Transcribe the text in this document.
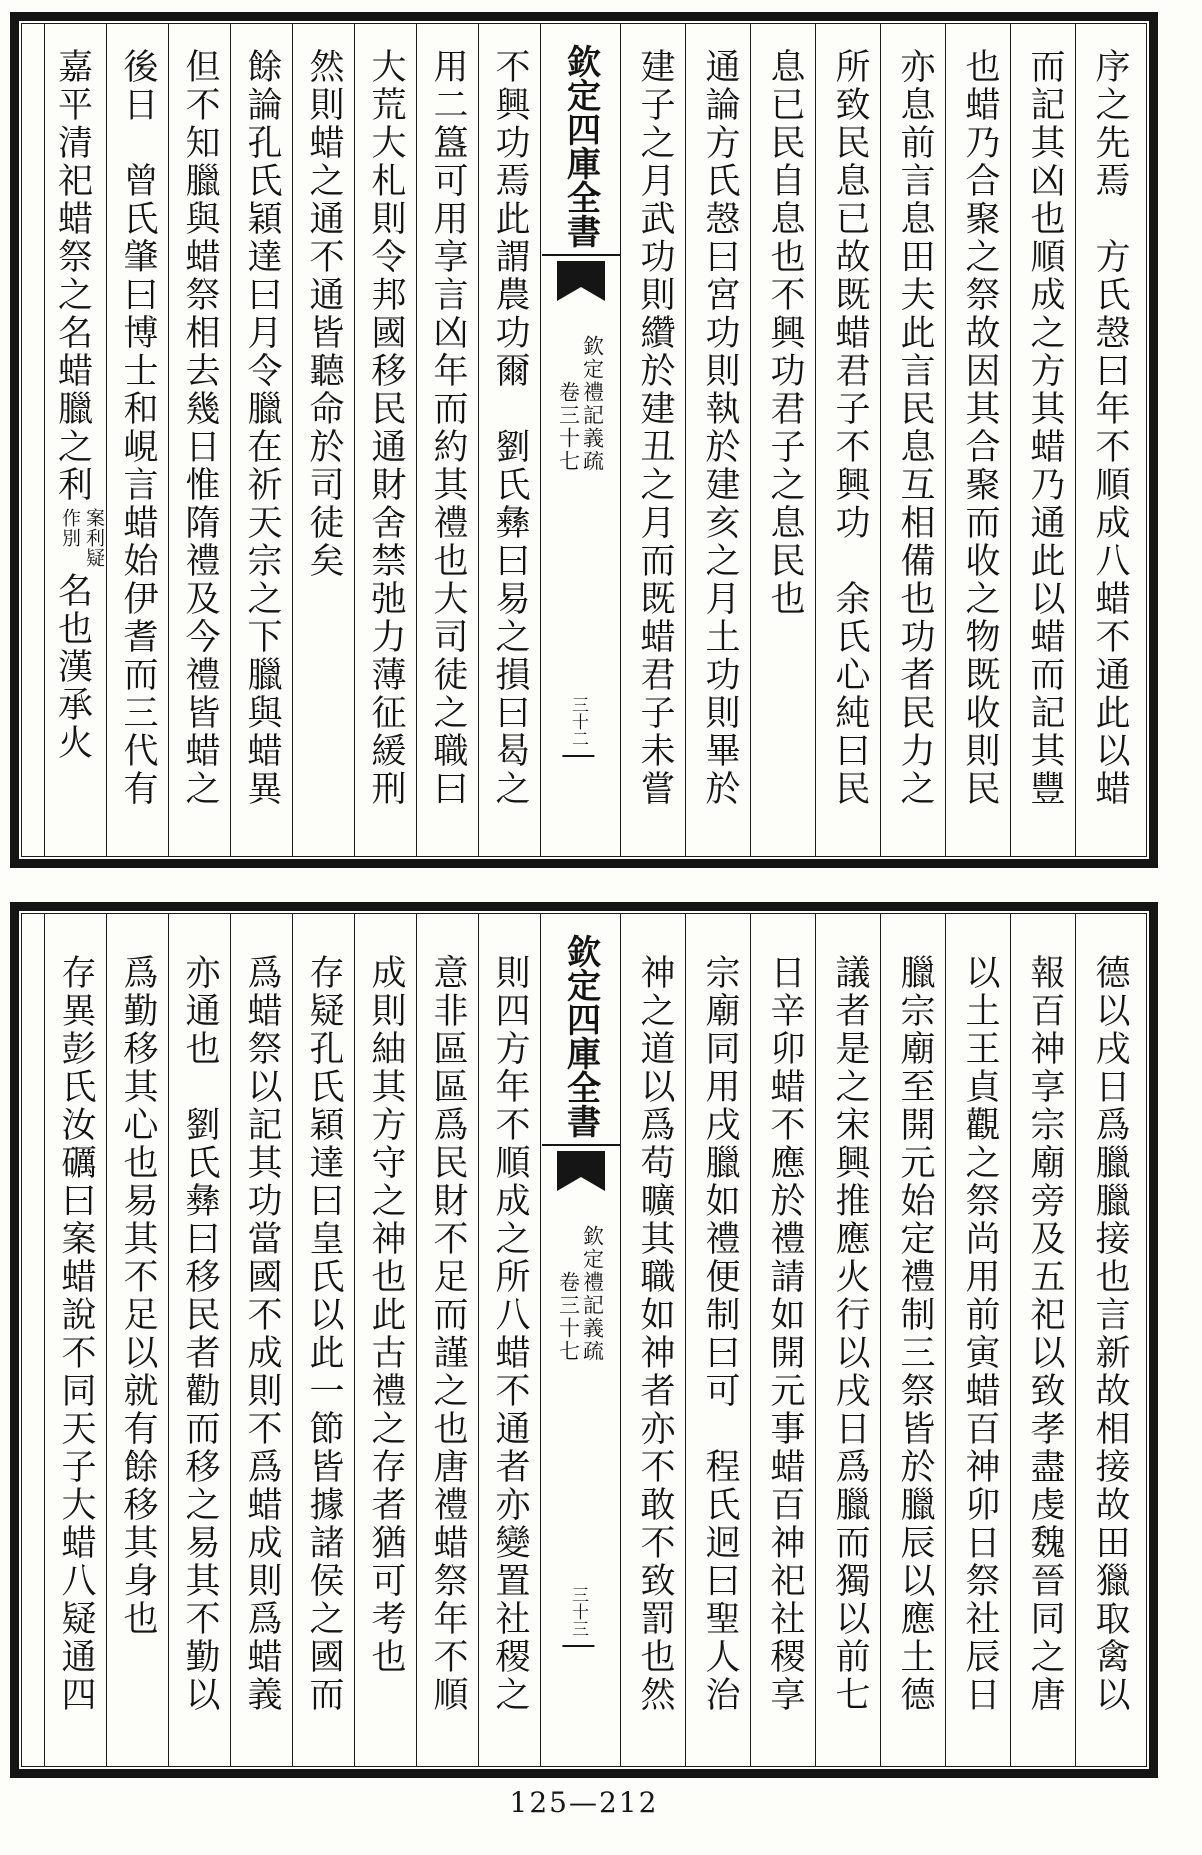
序之先焉　方氏愨曰年不順成八蜡不通此以蜡
而記其凶也順成之方其蜡乃通此以蜡而記其豐
也蜡乃合聚之祭故因其合聚而收之物既收則民
亦息前言息田夫此言民息互相備也功者民力之
所致民息已故既蜡君子不興功　余氏心純曰民
息已民自息也不興功君子之息民也
通論方氏愨曰宮功則執於建亥之月土功則畢於
建子之月武功則纘於建丑之月而既蜡君子未嘗
欽定四庫全書
欽定禮記義疏
卷三十七
三十二
不興功焉此謂農功爾　劉氏彝曰易之損曰曷之
用二簋可用享言凶年而約其禮也大司徒之職曰
大荒大札則令邦國移民通財舍禁弛力薄征緩刑
然則蜡之通不通皆聽命於司徒矣
餘論孔氏穎達曰月令臘在祈天宗之下臘與蜡異
但不知臘與蜡祭相去幾日惟隋禮及今禮皆蜡之
後日　曾氏肇曰博士和峴言蜡始伊耆而三代有
嘉平清祀蜡祭之名蜡臘之利
案利疑
作別
名也漢承火
德以戌日爲臘臘接也言新故相接故田獵取禽以
報百神享宗廟旁及五祀以致孝盡虔魏晉同之唐
以土王貞觀之祭尚用前寅蜡百神卯日祭社辰日
臘宗廟至開元始定禮制三祭皆於臘辰以應土德
議者是之宋興推應火行以戌日爲臘而獨以前七
日辛卯蜡不應於禮請如開元事蜡百神祀社稷享
宗廟同用戌臘如禮便制曰可　程氏迥曰聖人治
神之道以爲苟曠其職如神者亦不敢不致罰也然
欽定四庫全書
欽定禮記義疏
卷三十七
三十三
則四方年不順成之所八蜡不通者亦變置社稷之
意非區區爲民財不足而謹之也唐禮蜡祭年不順
成則紬其方守之神也此古禮之存者猶可考也
存疑孔氏穎達曰皇氏以此一節皆據諸侯之國而
爲蜡祭以記其功當國不成則不爲蜡成則爲蜡義
亦通也　劉氏彝曰移民者勸而移之易其不勤以
爲勤移其心也易其不足以就有餘移其身也
存異彭氏汝礪曰案蜡說不同天子大蜡八疑通四
125—212
